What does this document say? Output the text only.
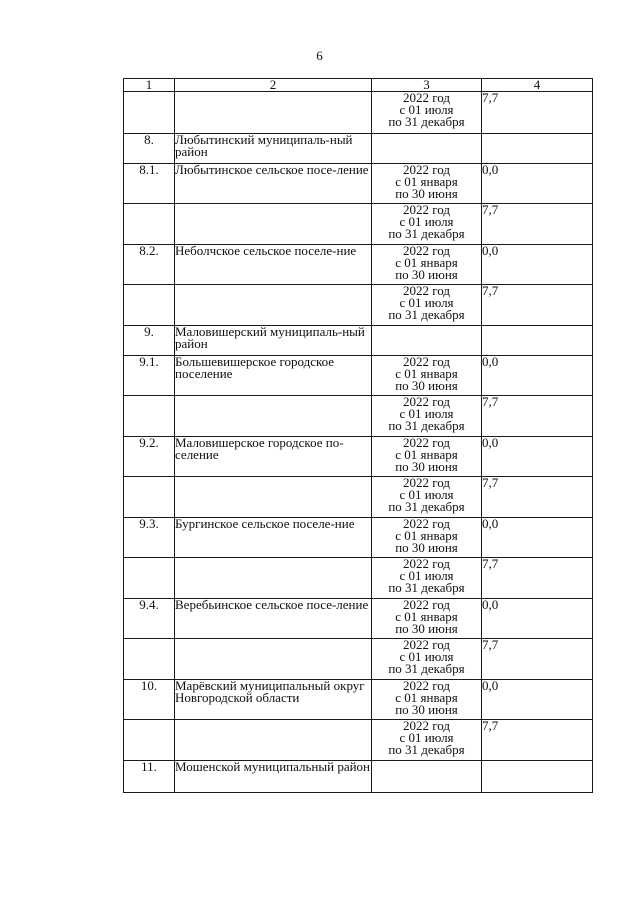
6
1	2	3	4

		2022 год
с 01 июля
по 31 декабря	7,7
8.	Любытинский муниципаль-ный район		
8.1.	Любытинское сельское посе-ление	2022 год
с 01 января
по 30 июня	0,0

		2022 год
с 01 июля
по 31 декабря	7,7
8.2.	Неболчское сельское поселе-ние	2022 год
с 01 января
по 30 июня	0,0

		2022 год
с 01 июля
по 31 декабря	7,7
9.	Маловишерский муниципаль-ный район		
9.1.	Большевишерское городское поселение	2022 год
с 01 января
по 30 июня	0,0

		2022 год
с 01 июля
по 31 декабря	7,7
9.2.	Маловишерское городское по-селение	2022 год
с 01 января
по 30 июня	0,0

		2022 год
с 01 июля
по 31 декабря	7,7
9.3.	Бургинское сельское поселе-ние	2022 год
с 01 января
по 30 июня	0,0

		2022 год
с 01 июля
по 31 декабря	7,7
9.4.	Веребьинское сельское посе-ление	2022 год
с 01 января
по 30 июня	0,0

		2022 год
с 01 июля
по 31 декабря	7,7
10.	Марёвский муниципальный округ Новгородской области	2022 год
с 01 января
по 30 июня	0,0

		2022 год
с 01 июля
по 31 декабря	7,7
11.	Мошенской муниципальный район		
